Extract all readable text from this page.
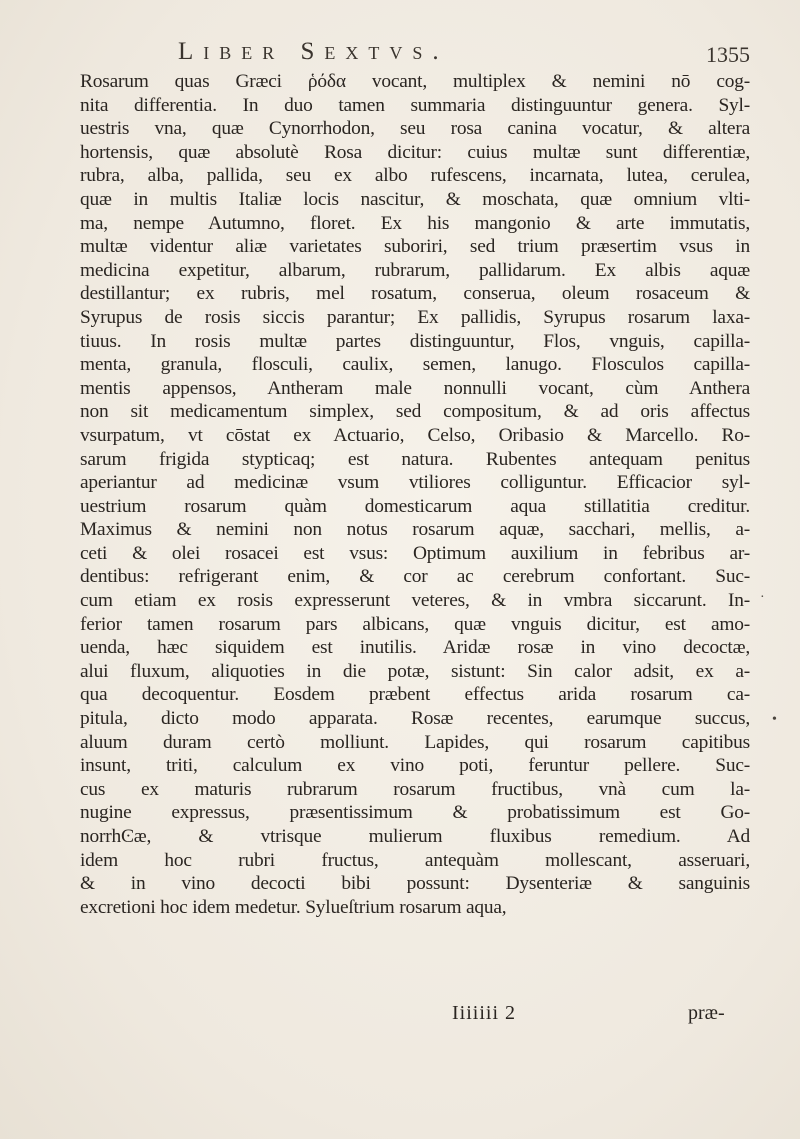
Liber Sextvs.	1355
Rosarum quas Græci ῥόδα vocant, multiplex & nemini nō cog-
nita differentia. In duo tamen summaria distinguuntur genera. Syl-
uestris vna, quæ Cynorrhodon, seu rosa canina vocatur, & altera
hortensis, quæ absolutè Rosa dicitur: cuius multæ sunt differentiæ,
rubra, alba, pallida, seu ex albo rufescens, incarnata, lutea, cerulea,
quæ in multis Italiæ locis nascitur, & moschata, quæ omnium vlti-
ma, nempe Autumno, floret. Ex his mangonio & arte immutatis,
multæ videntur aliæ varietates suboriri, sed trium præsertim vsus in
medicina expetitur, albarum, rubrarum, pallidarum. Ex albis aquæ
destillantur; ex rubris, mel rosatum, conserua, oleum rosaceum &
Syrupus de rosis siccis parantur; Ex pallidis, Syrupus rosarum laxa-
tiuus. In rosis multæ partes distinguuntur, Flos, vnguis, capilla-
menta, granula, flosculi, caulix, semen, lanugo. Flosculos capilla-
mentis appensos, Antheram male nonnulli vocant, cùm Anthera
non sit medicamentum simplex, sed compositum, & ad oris affectus
vsurpatum, vt cōstat ex Actuario, Celso, Oribasio & Marcello. Ro-
sarum frigida stypticaq; est natura. Rubentes antequam penitus
aperiantur ad medicinæ vsum vtiliores colliguntur. Efficacior syl-
uestrium rosarum quàm domesticarum aqua stillatitia creditur.
Maximus & nemini non notus rosarum aquæ, sacchari, mellis, a-
ceti & olei rosacei est vsus: Optimum auxilium in febribus ar-
dentibus: refrigerant enim, & cor ac cerebrum confortant. Suc-
cum etiam ex rosis expresserunt veteres, & in vmbra siccarunt. In-
ferior tamen rosarum pars albicans, quæ vnguis dicitur, est amo-
uenda, hæc siquidem est inutilis. Aridæ rosæ in vino decoctæ,
alui fluxum, aliquoties in die potæ, sistunt: Sin calor adsit, ex a-
qua decoquentur. Eosdem præbent effectus arida rosarum ca-
pitula, dicto modo apparata. Rosæ recentes, earumque succus,
aluum duram certò molliunt. Lapides, qui rosarum capitibus
insunt, triti, calculum ex vino poti, feruntur pellere. Suc-
cus ex maturis rubrarum rosarum fructibus, vnà cum la-
nugine expressus, præsentissimum & probatissimum est Go-
norrhϾæ, & vtrisque mulierum fluxibus remedium. Ad
idem hoc rubri fructus, antequàm mollescant, asseruari,
& in vino decocti bibi possunt: Dysenteriæ & sanguinis
excretioni hoc idem medetur. Sylueſtrium rosarum aqua,
Iiiiiii 2	præ-
·
•
